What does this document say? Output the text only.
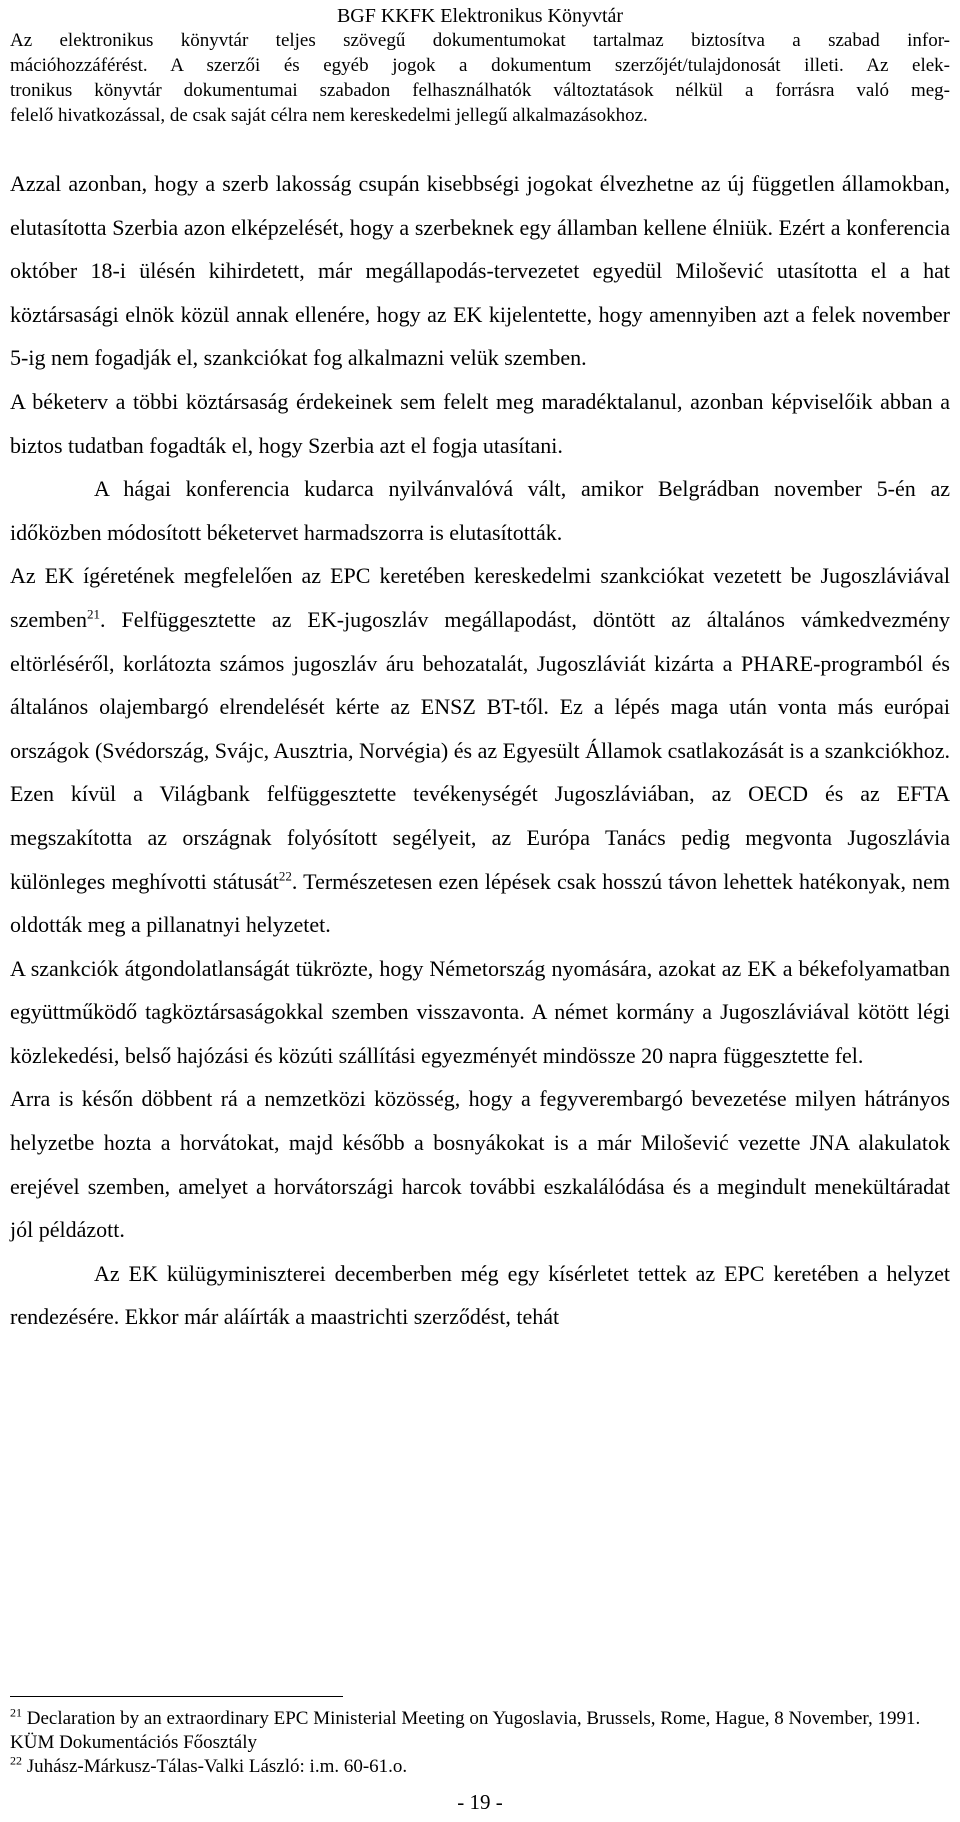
BGF KKFK Elektronikus Könyvtár
Az elektronikus könyvtár teljes szövegű dokumentumokat tartalmaz biztosítva a szabad infor-
mációhozzáférést. A szerzői és egyéb jogok a dokumentum szerzőjét/tulajdonosát illeti. Az elek-
tronikus könyvtár dokumentumai szabadon felhasználhatók változtatások nélkül a forrásra való meg-
felelő hivatkozással, de csak saját célra nem kereskedelmi jellegű alkalmazásokhoz.

Azzal azonban, hogy a szerb lakosság csupán kisebbségi jogokat élvezhetne az új független államokban, elutasította Szerbia azon elképzelését, hogy a szerbeknek egy államban kellene élniük. Ezért a konferencia október 18-i ülésén kihirdetett, már megállapodás-tervezetet egyedül Milošević utasította el a hat köztársasági elnök közül annak ellenére, hogy az EK kijelentette, hogy amennyiben azt a felek november 5-ig nem fogadják el, szankciókat fog alkalmazni velük szemben.

A béketerv a többi köztársaság érdekeinek sem felelt meg maradéktalanul, azonban képviselőik abban a biztos tudatban fogadták el, hogy Szerbia azt el fogja utasítani.

A hágai konferencia kudarca nyilvánvalóvá vált, amikor Belgrádban november 5-én az időközben módosított béketervet harmadszorra is elutasították.

Az EK ígéretének megfelelően az EPC keretében kereskedelmi szankciókat vezetett be Jugoszláviával szemben$^{21}$. Felfüggesztette az EK-jugoszláv megállapodást, döntött az általános vámkedvezmény eltörléséről, korlátozta számos jugoszláv áru behozatalát, Jugoszláviát kizárta a PHARE-programból és általános olajembargó elrendelését kérte az ENSZ BT-től. Ez a lépés maga után vonta más európai országok (Svédország, Svájc, Ausztria, Norvégia) és az Egyesült Államok csatlakozását is a szankciókhoz. Ezen kívül a Világbank felfüggesztette tevékenységét Jugoszláviában, az OECD és az EFTA megszakította az országnak folyósított segélyeit, az Európa Tanács pedig megvonta Jugoszlávia különleges meghívotti státusát$^{22}$. Természetesen ezen lépések csak hosszú távon lehettek hatékonyak, nem oldották meg a pillanatnyi helyzetet.

A szankciók átgondolatlanságát tükrözte, hogy Németország nyomására, azokat az EK a békefolyamatban együttműködő tagköztársaságokkal szemben visszavonta. A német kormány a Jugoszláviával kötött légi közlekedési, belső hajózási és közúti szállítási egyezményét mindössze 20 napra függesztette fel.

Arra is későn döbbent rá a nemzetközi közösség, hogy a fegyverembargó bevezetése milyen hátrányos helyzetbe hozta a horvátokat, majd később a bosnyákokat is a már Milošević vezette JNA alakulatok erejével szemben, amelyet a horvátországi harcok további eszkalálódása és a megindult menekültáradat jól példázott.

Az EK külügyminiszterei decemberben még egy kísérletet tettek az EPC keretében a helyzet rendezésére. Ekkor már aláírták a maastrichti szerződést, tehát

$^{21}$ Declaration by an extraordinary EPC Ministerial Meeting on Yugoslavia, Brussels, Rome, Hague, 8 November, 1991. KÜM Dokumentációs Főosztály

$^{22}$ Juhász-Márkusz-Tálas-Valki László: i.m. 60-61.o.

- 19 -
